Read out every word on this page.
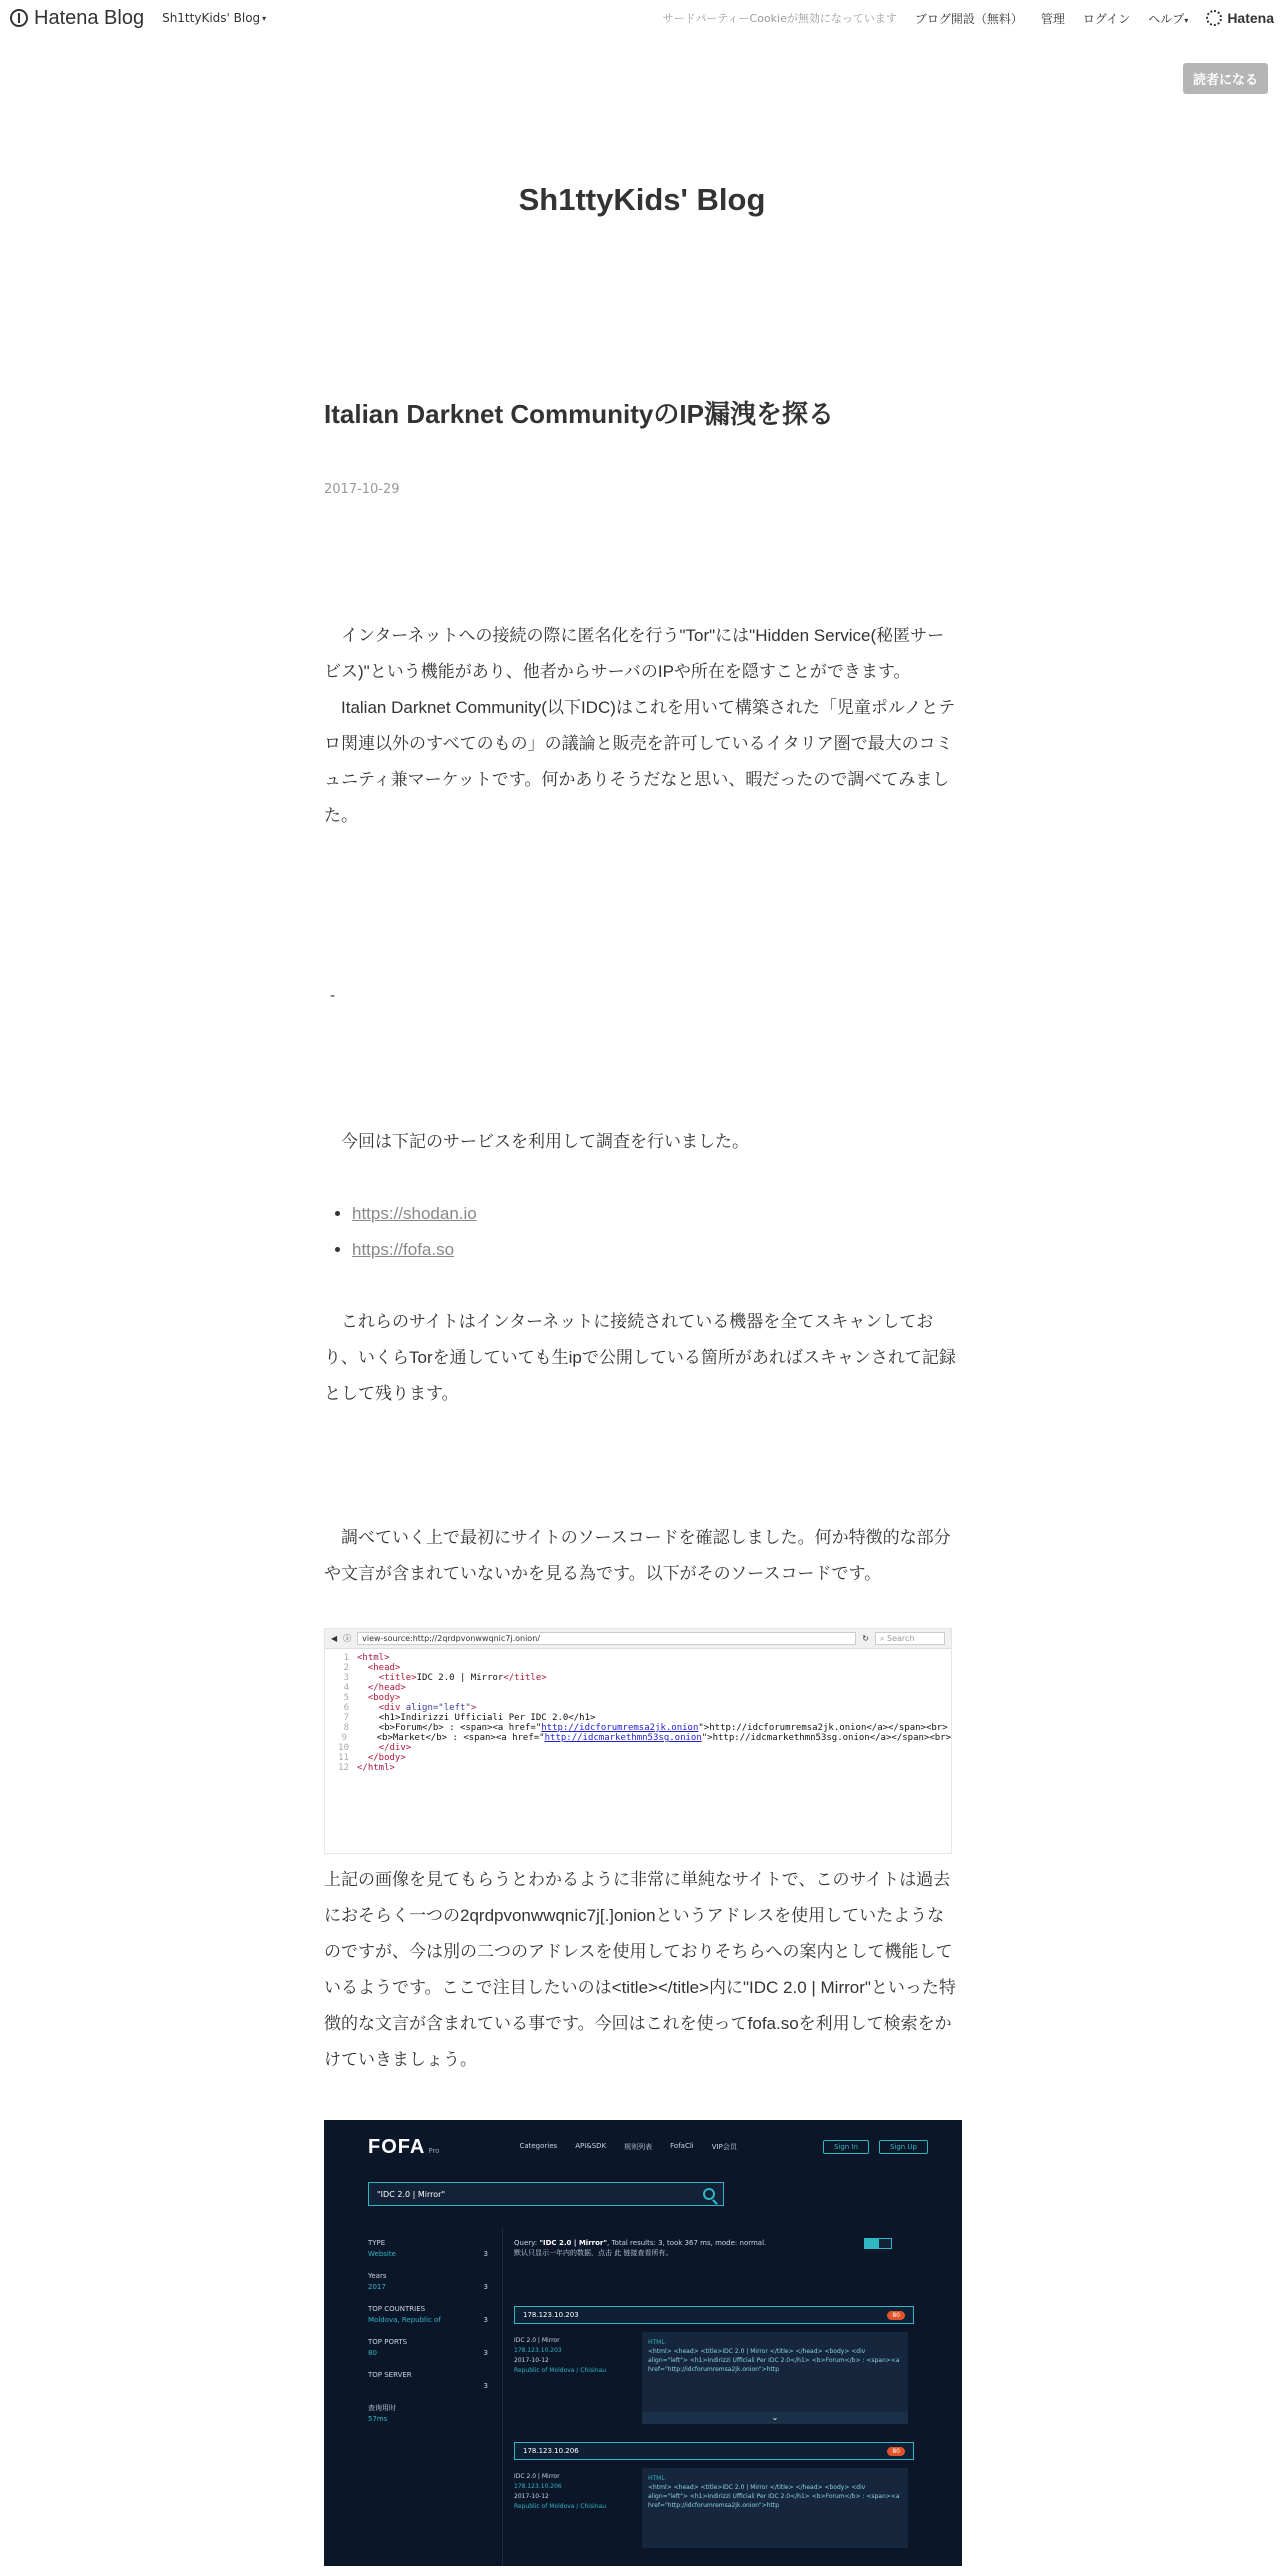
Hatena Blog Sh1ttyKids' Blog ▾	サードパーティーCookieが無効になっています ブログ開設（無料） 管理 ログイン ヘルプ▾	Hatena
読者になる
Sh1ttyKids' Blog
Italian Darknet CommunityのIP漏洩を探る
2017-10-29

　インターネットへの接続の際に匿名化を行う"Tor"には"Hidden Service(秘匿サービス)"という機能があり、他者からサーバのIPや所在を隠すことができます。
　Italian Darknet Community(以下IDC)はこれを用いて構築された「児童ポルノとテロ関連以外のすべてのもの」の議論と販売を許可しているイタリア圏で最大のコミュニティ兼マーケットです。何かありそうだなと思い、暇だったので調べてみました。

-

　今回は下記のサービスを利用して調査を行いました。

• https://shodan.io
• https://fofa.so

　これらのサイトはインターネットに接続されている機器を全てスキャンしており、いくらTorを通していても生ipで公開している箇所があればスキャンされて記録として残ります。

　調べていく上で最初にサイトのソースコードを確認しました。何か特徴的な部分や文言が含まれていないかを見る為です。以下がそのソースコードです。

◀ ⓘ	view-source:http://2qrdpvonwwqnic7j.onion/	↻	⌕ Search
1 <html>
2	<head>
3	<title>IDC 2.0 | Mirror</title>
4	</head>
5	<body>
6	<div align="left">
7	<h1>Indirizzi Ufficiali Per IDC 2.0</h1>
8	<b>Forum</b> : <span><a href="http://idcforumremsa2jk.onion">http://idcforumremsa2jk.onion</a></span><br>
9	<b>Market</b> : <span><a href="http://idcmarkethmn53sg.onion">http://idcmarkethmn53sg.onion</a></span><br>
10	</div>
11	</body>
12 </html>

上記の画像を見てもらうとわかるように非常に単純なサイトで、このサイトは過去におそらく一つの2qrdpvonwwqnic7j[.]onionというアドレスを使用していたようなのですが、今は別の二つのアドレスを使用しておりそちらへの案内として機能しているようです。ここで注目したいのは<title></title>内に"IDC 2.0 | Mirror"といった特徴的な文言が含まれている事です。今回はこれを使ってfofa.soを利用して検索をかけていきましょう。

FOFA Pro
Categories	API&SDK	规则列表	FofaCli	VIP会员	Sign In	Sign Up
"IDC 2.0 | Mirror"
TYPE
Website	3
Years
2017	3
TOP COUNTRIES
Moldova, Republic of	3
TOP PORTS
80	3
TOP SERVER
3
查询用时
57ms
Query: "IDC 2.0 | Mirror", Total results: 3, took 367 ms, mode: normal.
默认只显示一年内的数据，点击 此 链接查看所有。
178.123.10.203	80
IDC 2.0 | Mirror
178.123.10.203
2017-10-12
Republic of Moldova / Chisinau
HTML
<html> <head> <title>IDC 2.0 | Mirror </title> </head> <body> <div align="left"> <h1>Indirizzi Ufficiali Per IDC 2.0</h1> <b>Forum</b> : <span><a href="http://idcforumremsa2jk.onion">http
⌄
178.123.10.206	80
IDC 2.0 | Mirror
178.123.10.206
2017-10-12
Republic of Moldova / Chisinau
HTML
<html> <head> <title>IDC 2.0 | Mirror </title> </head> <body> <div align="left"> <h1>Indirizzi Ufficiali Per IDC 2.0</h1> <b>Forum</b> : <span><a href="http://idcforumremsa2jk.onion">http
